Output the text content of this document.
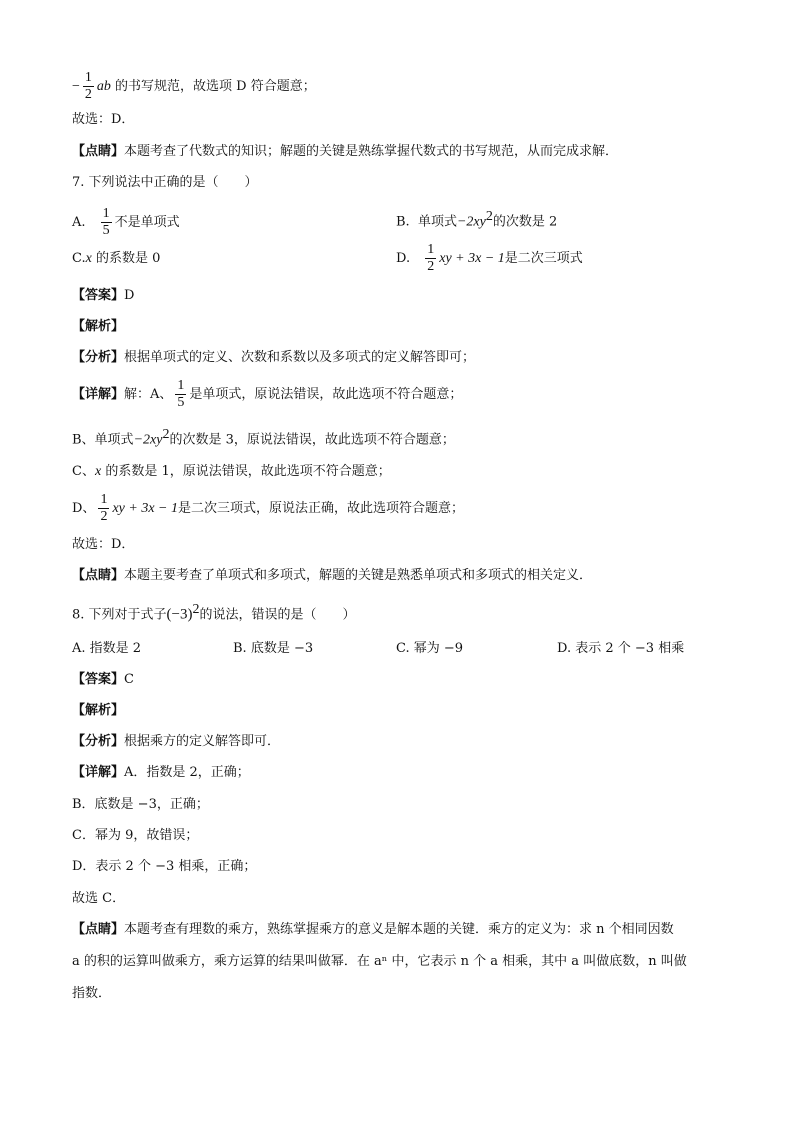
− $\frac{1}{2}$ ab 的书写规范，故选项 D 符合题意；
故选：D．
【点睛】本题考查了代数式的知识；解题的关键是熟练掌握代数式的书写规范，从而完成求解．
7. 下列说法中正确的是（　　）
A. $\frac{1}{5}$ 不是单项式	B. 单项式$-2xy^2$的次数是 2
C.x 的系数是 0	D. $\frac{1}{2}$ xy + 3x − 1是二次三项式
【答案】D
【解析】
【分析】根据单项式的定义、次数和系数以及多项式的定义解答即可；
【详解】解：A、 $\frac{1}{5}$ 是单项式，原说法错误，故此选项不符合题意；
B、单项式$-2xy^2$的次数是 3，原说法错误，故此选项不符合题意；
C、x 的系数是 1，原说法错误，故此选项不符合题意；
D、 $\frac{1}{2}$ xy + 3x − 1是二次三项式，原说法正确，故此选项符合题意；
故选：D．
【点睛】本题主要考查了单项式和多项式，解题的关键是熟悉单项式和多项式的相关定义．
8. 下列对于式子$(-3)^2$的说法，错误的是（　　）
A. 指数是 2	B. 底数是 −3	C. 幂为 −9	D. 表示 2 个 −3 相乘
【答案】C
【解析】
【分析】根据乘方的定义解答即可．
【详解】A．指数是 2，正确；
B．底数是 −3，正确；
C．幂为 9，故错误；
D．表示 2 个 −3 相乘，正确；
故选 C．
【点睛】本题考查有理数的乘方，熟练掌握乘方的意义是解本题的关键．乘方的定义为：求 n 个相同因数
a 的积的运算叫做乘方，乘方运算的结果叫做幂．在 aⁿ 中，它表示 n 个 a 相乘，其中 a 叫做底数，n 叫做
指数．
